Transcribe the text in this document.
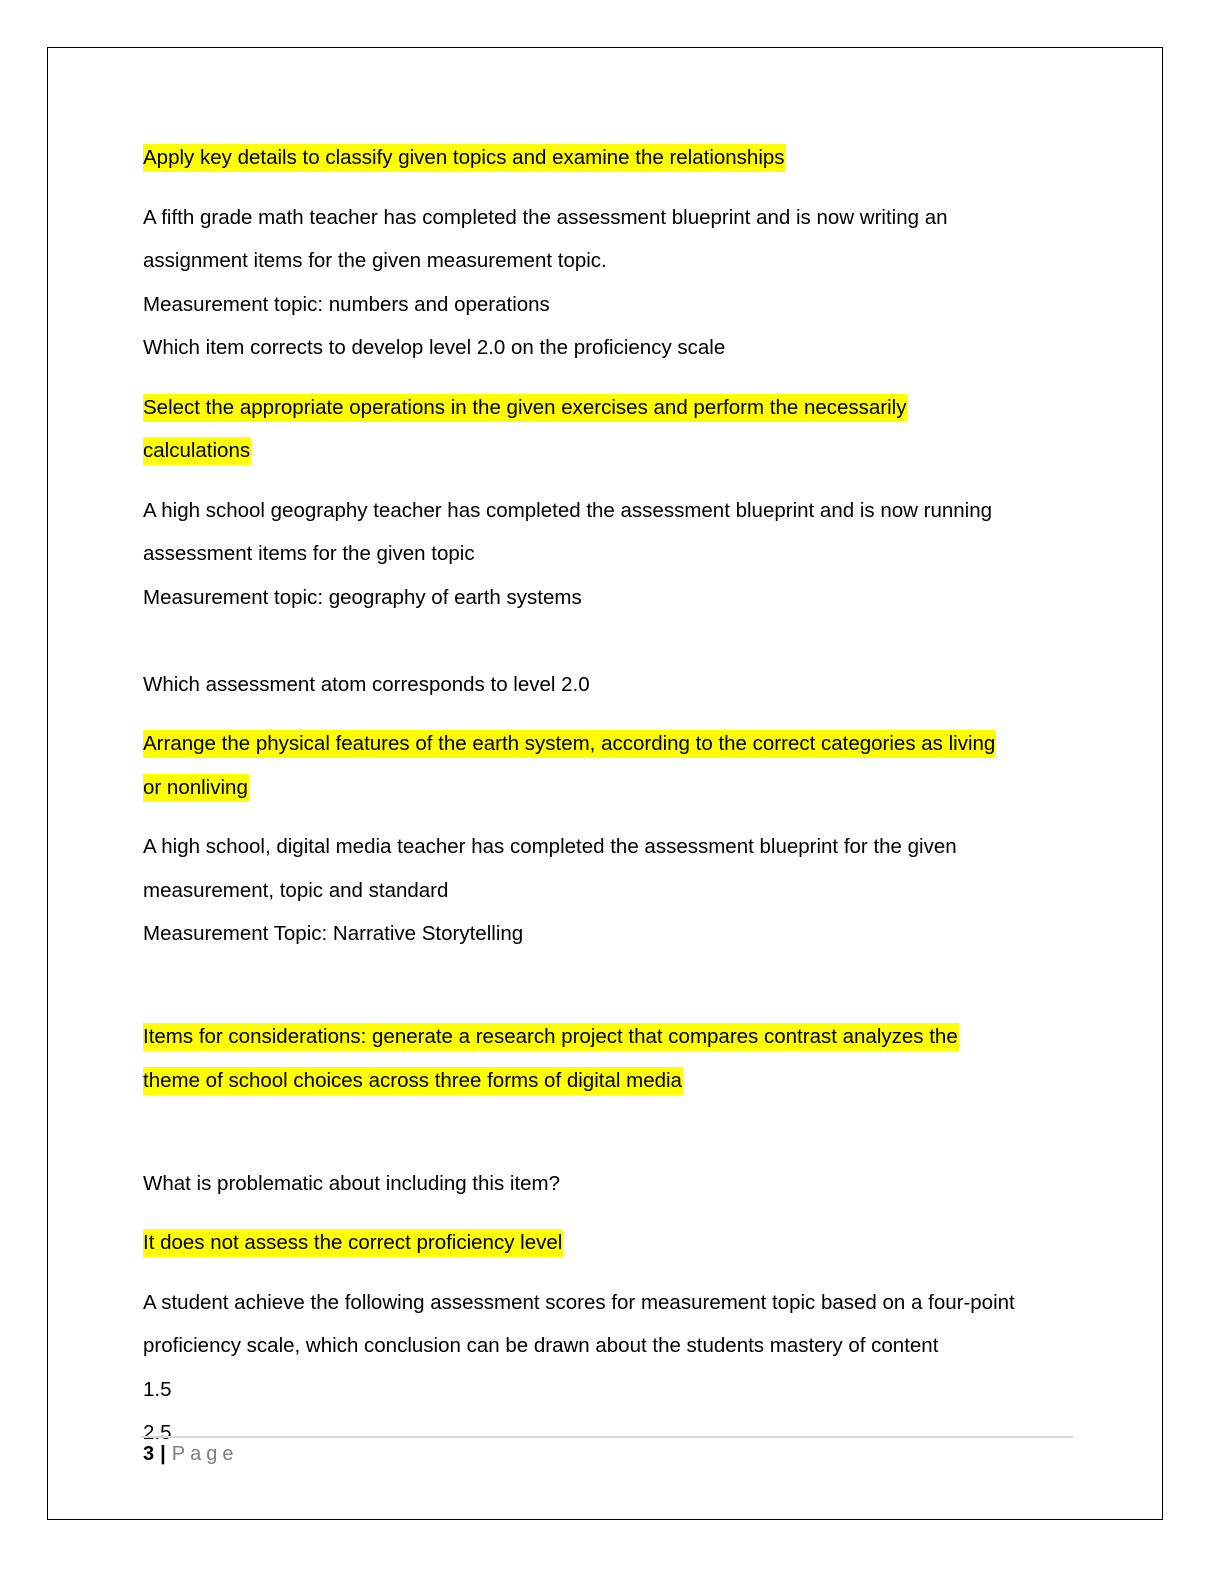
Apply key details to classify given topics and examine the relationships
A fifth grade math teacher has completed the assessment blueprint and is now writing an
assignment items for the given measurement topic.
Measurement topic: numbers and operations
Which item corrects to develop level 2.0 on the proficiency scale
Select the appropriate operations in the given exercises and perform the necessarily
calculations
A high school geography teacher has completed the assessment blueprint and is now running
assessment items for the given topic
Measurement topic: geography of earth systems
Which assessment atom corresponds to level 2.0
Arrange the physical features of the earth system, according to the correct categories as living
or nonliving
A high school, digital media teacher has completed the assessment blueprint for the given
measurement, topic and standard
Measurement Topic: Narrative Storytelling
Items for considerations: generate a research project that compares contrast analyzes the
theme of school choices across three forms of digital media
What is problematic about including this item?
It does not assess the correct proficiency level
A student achieve the following assessment scores for measurement topic based on a four-point
proficiency scale, which conclusion can be drawn about the students mastery of content
1.5
2.5
3 | Page
